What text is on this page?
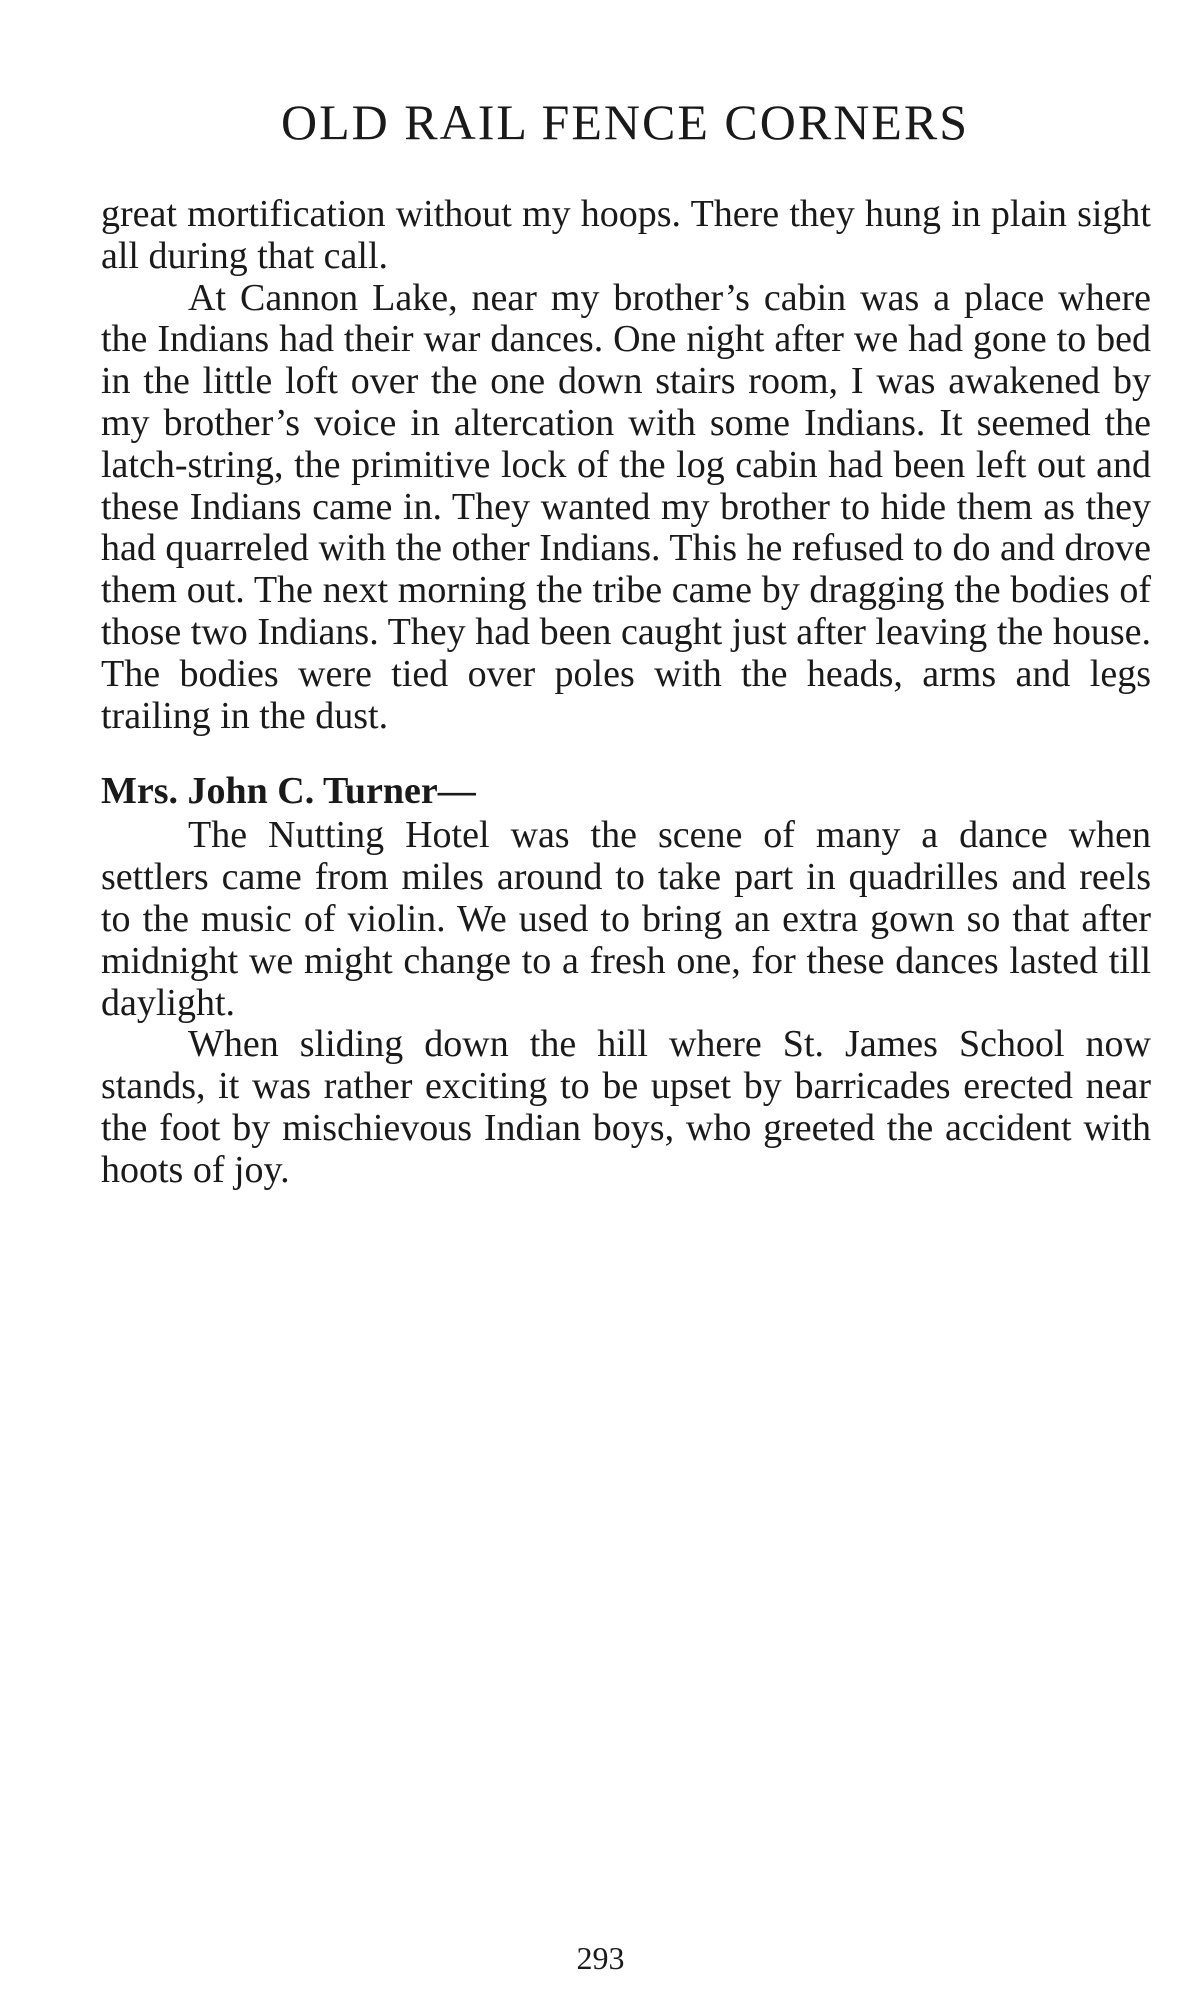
OLD RAIL FENCE CORNERS

great mortification without my hoops. There they hung in plain sight all during that call.

At Cannon Lake, near my brother’s cabin was a place where the Indians had their war dances. One night after we had gone to bed in the little loft over the one down stairs room, I was awakened by my brother’s voice in altercation with some Indians. It seemed the latch-string, the primitive lock of the log cabin had been left out and these Indians came in. They wanted my brother to hide them as they had quarreled with the other Indians. This he refused to do and drove them out. The next morning the tribe came by dragging the bodies of those two Indians. They had been caught just after leaving the house. The bodies were tied over poles with the heads, arms and legs trailing in the dust.

Mrs. John C. Turner—

The Nutting Hotel was the scene of many a dance when settlers came from miles around to take part in quadrilles and reels to the music of violin. We used to bring an extra gown so that after midnight we might change to a fresh one, for these dances lasted till daylight.

When sliding down the hill where St. James School now stands, it was rather exciting to be upset by barricades erected near the foot by mischievous Indian boys, who greeted the accident with hoots of joy.

293
